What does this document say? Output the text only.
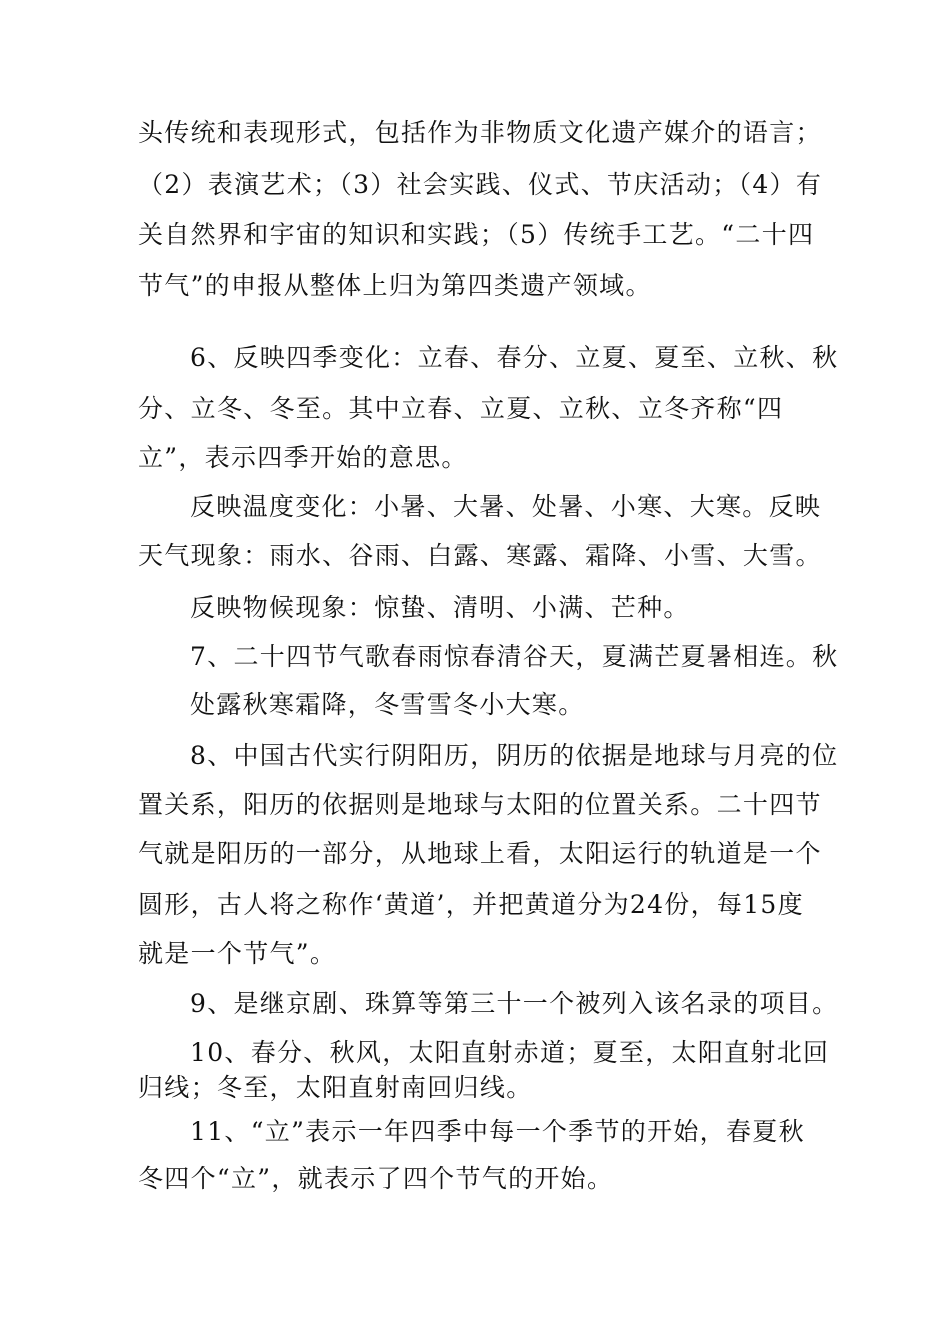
头传统和表现形式，包括作为非物质文化遗产媒介的语言；
（2）表演艺术；（3）社会实践、仪式、节庆活动；（4）有
关自然界和宇宙的知识和实践；（5）传统手工艺。“二十四
节气”的申报从整体上归为第四类遗产领域。
6、反映四季变化：立春、春分、立夏、夏至、立秋、秋
分、立冬、冬至。其中立春、立夏、立秋、立冬齐称“四
立”，表示四季开始的意思。
反映温度变化：小暑、大暑、处暑、小寒、大寒。反映
天气现象：雨水、谷雨、白露、寒露、霜降、小雪、大雪。
反映物候现象：惊蛰、清明、小满、芒种。
7、二十四节气歌春雨惊春清谷天，夏满芒夏暑相连。秋
处露秋寒霜降，冬雪雪冬小大寒。
8、中国古代实行阴阳历，阴历的依据是地球与月亮的位
置关系，阳历的依据则是地球与太阳的位置关系。二十四节
气就是阳历的一部分，从地球上看，太阳运行的轨道是一个
圆形，古人将之称作‘黄道’，并把黄道分为24份，每15度
就是一个节气”。
9、是继京剧、珠算等第三十一个被列入该名录的项目。
10、春分、秋风，太阳直射赤道；夏至，太阳直射北回
归线；冬至，太阳直射南回归线。
11、“立”表示一年四季中每一个季节的开始，春夏秋
冬四个“立”，就表示了四个节气的开始。
